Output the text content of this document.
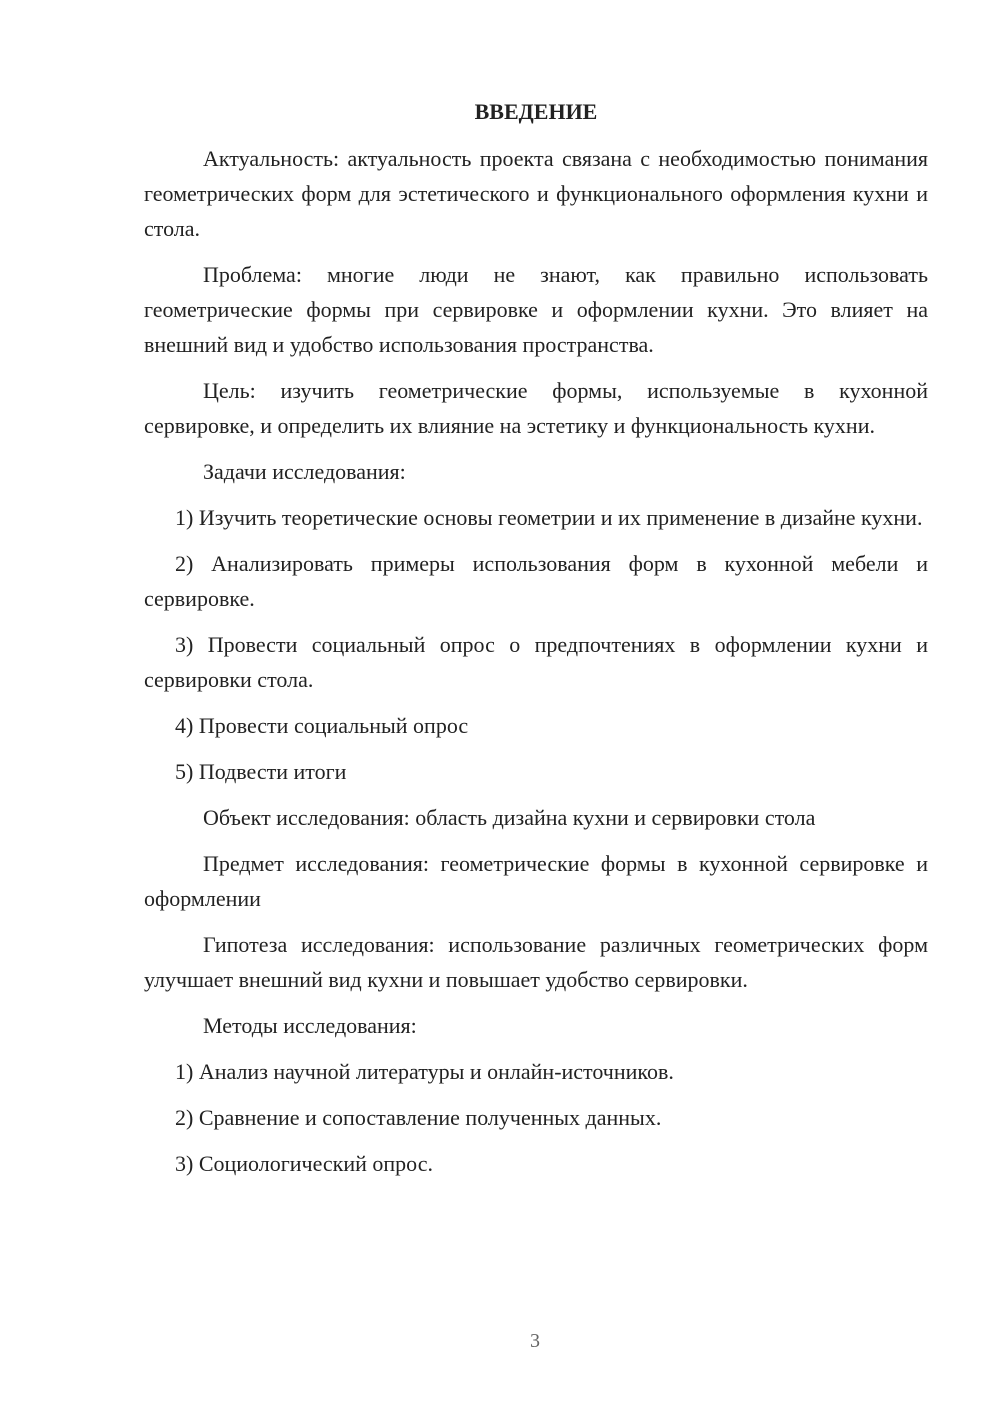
ВВЕДЕНИЕ

Актуальность: актуальность проекта связана с необходимостью понимания геометрических форм для эстетического и функционального оформления кухни и стола.

Проблема: многие люди не знают, как правильно использовать геометрические формы при сервировке и оформлении кухни. Это влияет на внешний вид и удобство использования пространства.

Цель: изучить геометрические формы, используемые в кухонной сервировке, и определить их влияние на эстетику и функциональность кухни.

Задачи исследования:

1) Изучить теоретические основы геометрии и их применение в дизайне кухни.

2) Анализировать примеры использования форм в кухонной мебели и сервировке.

3) Провести социальный опрос о предпочтениях в оформлении кухни и сервировки стола.

4) Провести социальный опрос

5) Подвести итоги

Объект исследования: область дизайна кухни и сервировки стола

Предмет исследования: геометрические формы в кухонной сервировке и оформлении

Гипотеза исследования: использование различных геометрических форм улучшает внешний вид кухни и повышает удобство сервировки.

Методы исследования:

1) Анализ научной литературы и онлайн-источников.

2) Сравнение и сопоставление полученных данных.

3) Социологический опрос.

3
